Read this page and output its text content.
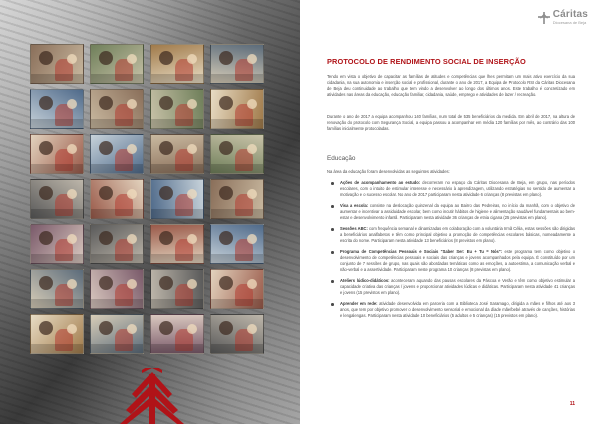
Cáritas
Diocesana de Beja
PROTOCOLO DE RENDIMENTO SOCIAL DE INSERÇÃO

Tendo em vista o objetivo de capacitar as famílias de atitudes e competências que lhes permitam um mais ativo exercício da sua cidadania, na sua autonomia e inserção social e profissional, durante o ano de 2017, a Equipa de Protocolo RSI da Cáritas Diocesana de Beja deu continuidade ao trabalho que tem vindo a desenvolver ao longo dos últimos anos. Este trabalho é concretizado em atividades nas áreas da educação, educação familiar, cidadania, saúde, emprego e atividades de lazer / recreação.

Durante o ano de 2017 a equipa acompanhou 140 famílias, num total de 535 beneficiários da medida. Em abril de 2017, na altura de renovação do protocolo com Segurança Social, a equipa passou a acompanhar em média 120 famílias por mês, ao contrário das 100 famílias inicialmente protocoladas.

Educação
Na área da educação foram desenvolvidas as seguintes atividades:
Ações de acompanhamento ao estudo: decorreram no espaço da Cáritas Diocesana de Beja, em grupo, nas períodos escolares, com o intuito de estimular interesse e necessário à aprendizagem, utilizando estratégias no sentido de aumentar a motivação e o sucesso escolar. No ano de 2017 participaram nesta atividade 6 crianças (8 previstas em plano).
Visa a escola: consiste na deslocação quinzenal da equipa ao Bairro das Pedreiras, no início da manhã, com o objetivo de aumentar e incentivar a assiduidade escolar, bem como incutir hábitos de higiene e alimentação saudável fundamentais ao bem-estar e desenvolvimento infantil. Participaram nesta atividade 36 crianças de etnia cigana (25 previstas em plano).
Sessões ABC: com frequência semanal e dinamizadas em colaboração com a voluntária Irmã Célia, estas sessões são dirigidas a beneficiários analfabetos e têm como principal objetivo a promoção de competências escolares básicas, nomeadamente a escrita do nome. Participaram nesta atividade 13 beneficiários (8 previstos em plano).
Programa de Competências Pessoais e Sociais "Saber Ser: Eu + Tu = Nós": este programa tem como objetivo o desenvolvimento de competências pessoais e sociais das crianças e jovens acompanhados pela equipa. É constituído por um conjunto de 7 sessões de grupo, nas quais são abordadas temáticas como as emoções, a autoestima, a comunicação verbal e não-verbal e a assertividade. Participaram neste programa 10 crianças (8 previstas em plano).
Ateliers lúdico-didáticos: aconteceram aquando das pausas escolares da Páscoa e Verão e têm como objetivo estimular a capacidade criativa das crianças / jovens e proporcionar atividades lúdicas e didáticas. Participaram nesta atividade 41 crianças e jovens (15 previstos em plano).
Aprender em rede: atividade desenvolvida em parceria com a Biblioteca José Saramago, dirigida a mães e filhos até aos 3 anos, que tem por objetivo promover o desenvolvimento sensorial e emocional da díade mãe/bebé através de canções, histórias e lengalengas. Participaram nesta atividade 10 beneficiários (5 adultos e 5 crianças) (15 previstos em plano).
11
